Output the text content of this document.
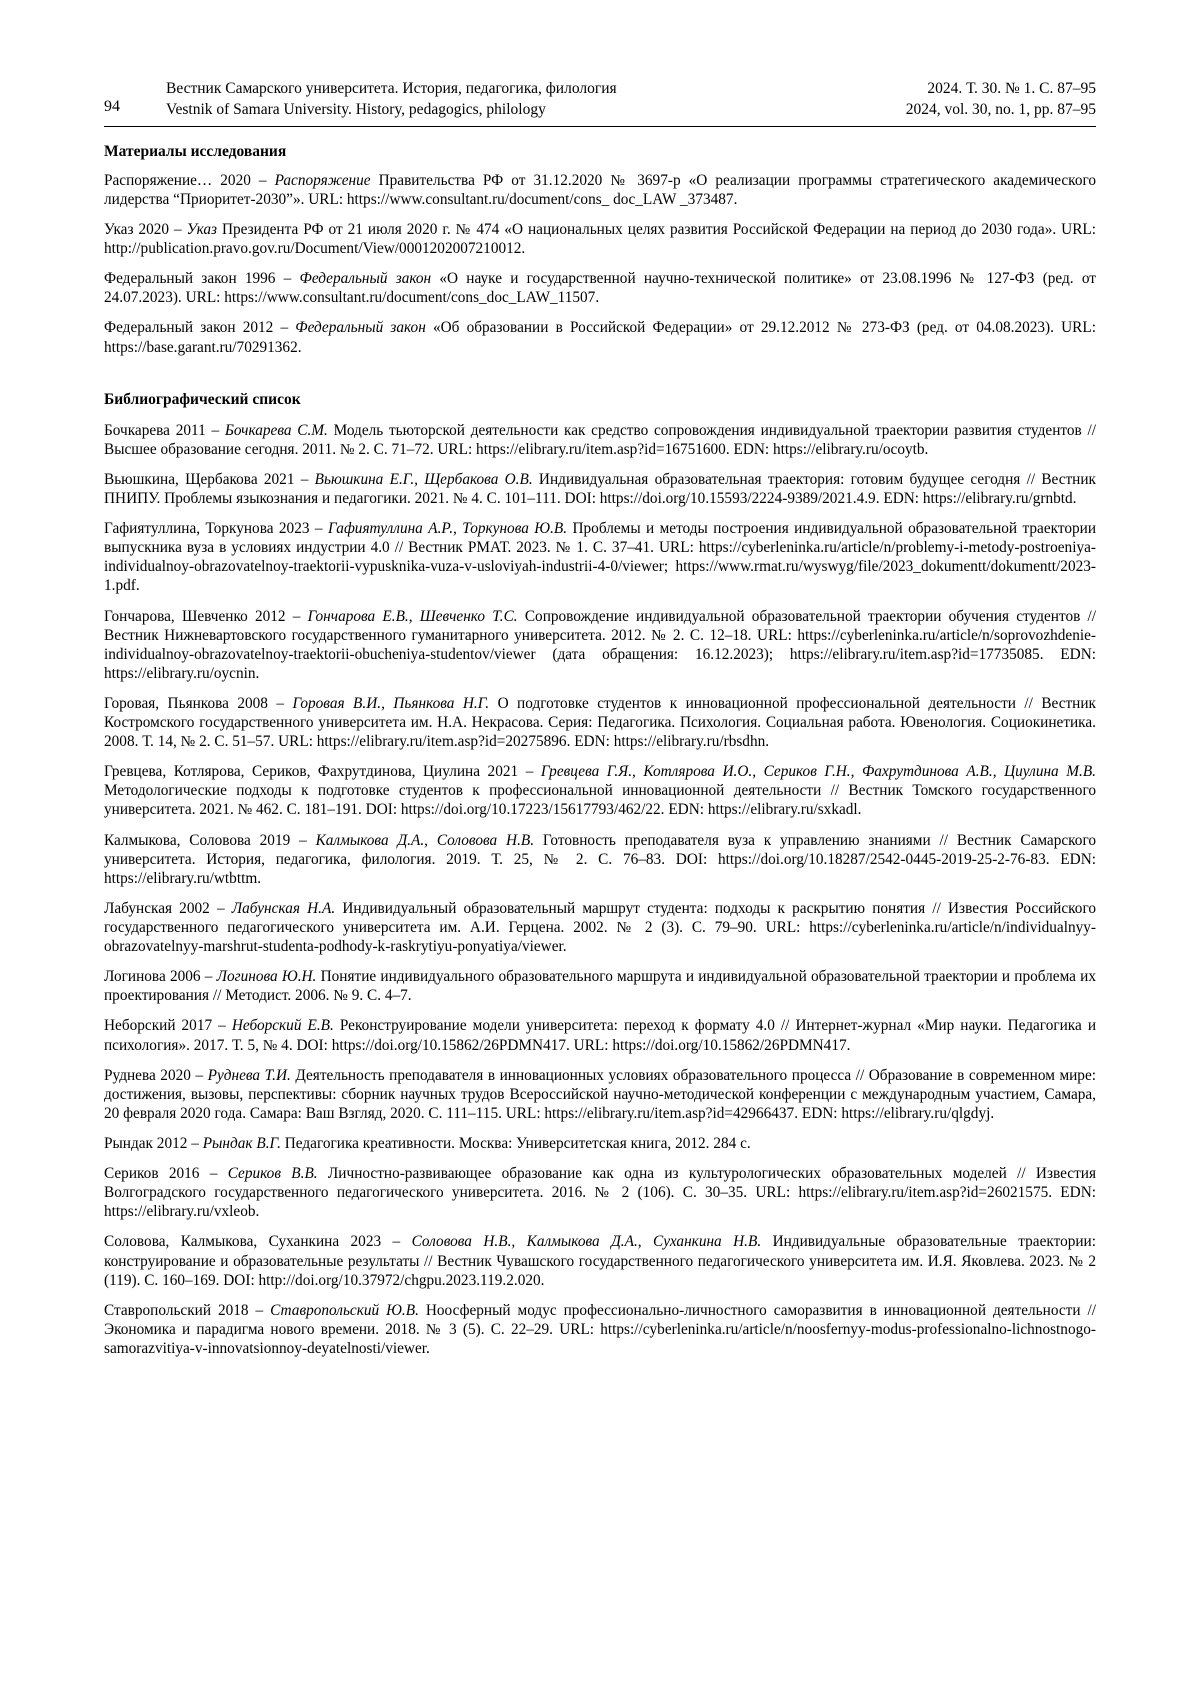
94
Вестник Самарского университета. История, педагогика, филология	2024. Т. 30. № 1. С. 87–95
Vestnik of Samara University. History, pedagogics, philology	2024, vol. 30, no. 1, pp. 87–95
Материалы исследования

Распоряжение… 2020 – Распоряжение Правительства РФ от 31.12.2020 № 3697-р «О реализации программы стратегического академического лидерства “Приоритет-2030”». URL: https://www.consultant.ru/document/cons_ doc_LAW _373487.

Указ 2020 – Указ Президента РФ от 21 июля 2020 г. № 474 «О национальных целях развития Российской Федерации на период до 2030 года». URL: http://publication.pravo.gov.ru/Document/View/0001202007210012.

Федеральный закон 1996 – Федеральный закон «О науке и государственной научно-технической политике» от 23.08.1996 № 127-ФЗ (ред. от 24.07.2023). URL: https://www.consultant.ru/document/cons_doc_LAW_11507.

Федеральный закон 2012 – Федеральный закон «Об образовании в Российской Федерации» от 29.12.2012 № 273-ФЗ (ред. от 04.08.2023). URL: https://base.garant.ru/70291362.

Библиографический список

Бочкарева 2011 – Бочкарева С.М. Модель тьюторской деятельности как средство сопровождения индивидуальной траектории развития студентов // Высшее образование сегодня. 2011. № 2. С. 71–72. URL: https://elibrary.ru/item.asp?id=16751600. EDN: https://elibrary.ru/ocoytb.

Вьюшкина, Щербакова 2021 – Вьюшкина Е.Г., Щербакова О.В. Индивидуальная образовательная траектория: готовим будущее сегодня // Вестник ПНИПУ. Проблемы языкознания и педагогики. 2021. № 4. С. 101–111. DOI: https://doi.org/10.15593/2224-9389/2021.4.9. EDN: https://elibrary.ru/grnbtd.

Гафиятуллина, Торкунова 2023 – Гафиятуллина А.Р., Торкунова Ю.В. Проблемы и методы построения индивидуальной образовательной траектории выпускника вуза в условиях индустрии 4.0 // Вестник РМАТ. 2023. № 1. С. 37–41. URL: https://cyberleninka.ru/article/n/problemy-i-metody-postroeniya-individualnoy-obrazovatelnoy-traektorii-vypusknika-vuza-v-usloviyah-industrii-4-0/viewer; https://www.rmat.ru/wyswyg/file/2023_dokumentt/dokumentt/2023-1.pdf.

Гончарова, Шевченко 2012 – Гончарова Е.В., Шевченко Т.С. Сопровождение индивидуальной образовательной траектории обучения студентов // Вестник Нижневартовского государственного гуманитарного университета. 2012. № 2. С. 12–18. URL: https://cyberleninka.ru/article/n/soprovozhdenie-individualnoy-obrazovatelnoy-traektorii-obucheniya-studentov/viewer (дата обращения: 16.12.2023); https://elibrary.ru/item.asp?id=17735085. EDN: https://elibrary.ru/oycnin.

Горовая, Пьянкова 2008 – Горовая В.И., Пьянкова Н.Г. О подготовке студентов к инновационной профессиональной деятельности // Вестник Костромского государственного университета им. Н.А. Некрасова. Серия: Педагогика. Психология. Социальная работа. Ювенология. Социокинетика. 2008. Т. 14, № 2. С. 51–57. URL: https://elibrary.ru/item.asp?id=20275896. EDN: https://elibrary.ru/rbsdhn.

Гревцева, Котлярова, Сериков, Фахрутдинова, Циулина 2021 – Гревцева Г.Я., Котлярова И.О., Сериков Г.Н., Фахрутдинова А.В., Циулина М.В. Методологические подходы к подготовке студентов к профессиональной инновационной деятельности // Вестник Томского государственного университета. 2021. № 462. С. 181–191. DOI: https://doi.org/10.17223/15617793/462/22. EDN: https://elibrary.ru/sxkadl.

Калмыкова, Соловова 2019 – Калмыкова Д.А., Соловова Н.В. Готовность преподавателя вуза к управлению знаниями // Вестник Самарского университета. История, педагогика, филология. 2019. Т. 25, № 2. С. 76–83. DOI: https://doi.org/10.18287/2542-0445-2019-25-2-76-83. EDN: https://elibrary.ru/wtbttm.

Лабунская 2002 – Лабунская Н.А. Индивидуальный образовательный маршрут студента: подходы к раскрытию понятия // Известия Российского государственного педагогического университета им. А.И. Герцена. 2002. № 2 (3). С. 79–90. URL: https://cyberleninka.ru/article/n/individualnyy-obrazovatelnyy-marshrut-studenta-podhody-k-raskrytiyu-ponyatiya/viewer.

Логинова 2006 – Логинова Ю.Н. Понятие индивидуального образовательного маршрута и индивидуальной образовательной траектории и проблема их проектирования // Методист. 2006. № 9. С. 4–7.

Неборский 2017 – Неборский Е.В. Реконструирование модели университета: переход к формату 4.0 // Интернет-журнал «Мир науки. Педагогика и психология». 2017. Т. 5, № 4. DOI: https://doi.org/10.15862/26PDMN417. URL: https://doi.org/10.15862/26PDMN417.

Руднева 2020 – Руднева Т.И. Деятельность преподавателя в инновационных условиях образовательного процесса // Образование в современном мире: достижения, вызовы, перспективы: сборник научных трудов Всероссийской научно-методической конференции с международным участием, Самара, 20 февраля 2020 года. Самара: Ваш Взгляд, 2020. С. 111–115. URL: https://elibrary.ru/item.asp?id=42966437. EDN: https://elibrary.ru/qlgdyj.

Рындак 2012 – Рындак В.Г. Педагогика креативности. Москва: Университетская книга, 2012. 284 с.

Сериков 2016 – Сериков В.В. Личностно-развивающее образование как одна из культурологических образовательных моделей // Известия Волгоградского государственного педагогического университета. 2016. № 2 (106). С. 30–35. URL: https://elibrary.ru/item.asp?id=26021575. EDN: https://elibrary.ru/vxleob.

Соловова, Калмыкова, Суханкина 2023 – Соловова Н.В., Калмыкова Д.А., Суханкина Н.В. Индивидуальные образовательные траектории: конструирование и образовательные результаты // Вестник Чувашского государственного педагогического университета им. И.Я. Яковлева. 2023. № 2 (119). С. 160–169. DOI: http://doi.org/10.37972/chgpu.2023.119.2.020.

Ставропольский 2018 – Ставропольский Ю.В. Ноосферный модус профессионально-личностного саморазвития в инновационной деятельности // Экономика и парадигма нового времени. 2018. № 3 (5). С. 22–29. URL: https://cyberleninka.ru/article/n/noosfernyy-modus-professionalno-lichnostnogo-samorazvitiya-v-innovatsionnoy-deyatelnosti/viewer.
